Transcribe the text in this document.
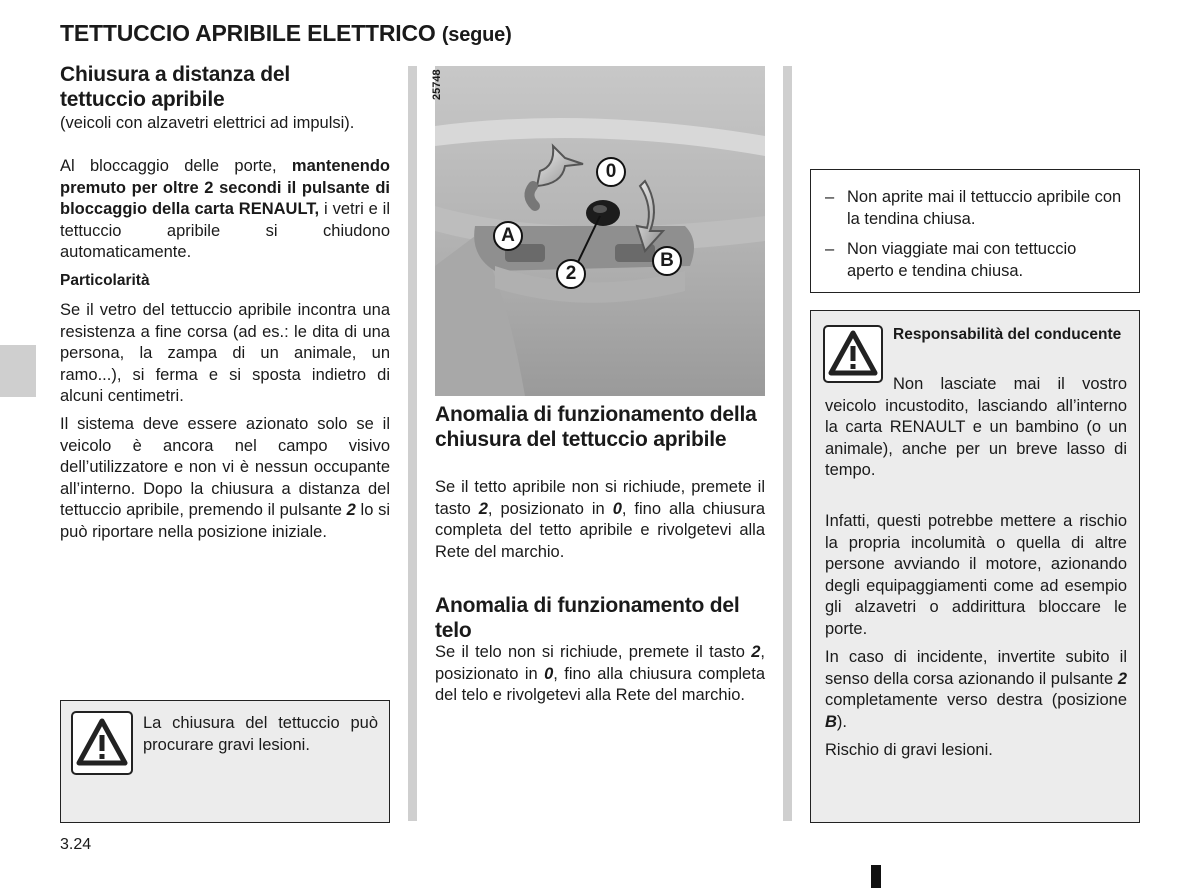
TETTUCCIO APRIBILE ELETTRICO (segue)
Chiusura a distanza del
tettuccio apribile
(veicoli con alzavetri elettrici ad impulsi).
Al bloccaggio delle porte, mantenendo premuto per oltre 2 secondi il pulsante di bloccaggio della carta RENAULT, i vetri e il tettuccio apribile si chiudono automaticamente.
Particolarità
Se il vetro del tettuccio apribile incontra una resistenza a fine corsa (ad es.: le dita di una persona, la zampa di un animale, un ramo...), si ferma e si sposta indietro di alcuni centimetri.
Il sistema deve essere azionato solo se il veicolo è ancora nel campo visivo dell’utilizzatore e non vi è nessun occupante all’interno. Dopo la chiusura a distanza del tettuccio apribile, premendo il pulsante 2 lo si può riportare nella posizione iniziale.
La chiusura del tettuccio può procurare gravi lesioni.
3.24
25748
0
A
B
2
Anomalia di funzionamento della chiusura del tettuccio apribile
Se il tetto apribile non si richiude, premete il tasto 2, posizionato in 0, fino alla chiusura completa del tetto apribile e rivolgetevi alla Rete del marchio.
Anomalia di funzionamento del telo
Se il telo non si richiude, premete il tasto 2, posizionato in 0, fino alla chiusura completa del telo e rivolgetevi alla Rete del marchio.
– Non aprite mai il tettuccio apribile con la tendina chiusa.
– Non viaggiate mai con tettuccio aperto e tendina chiusa.
Responsabilità del conducente
Non lasciate mai il vostro veicolo incustodito, lasciando all’interno la carta RENAULT e un bambino (o un animale), anche per un breve lasso di tempo.
Infatti, questi potrebbe mettere a rischio la propria incolumità o quella di altre persone avviando il motore, azionando degli equipaggiamenti come ad esempio gli alzavetri o addirittura bloccare le porte.
In caso di incidente, invertite subito il senso della corsa azionando il pulsante 2 completamente verso destra (posizione B).
Rischio di gravi lesioni.
